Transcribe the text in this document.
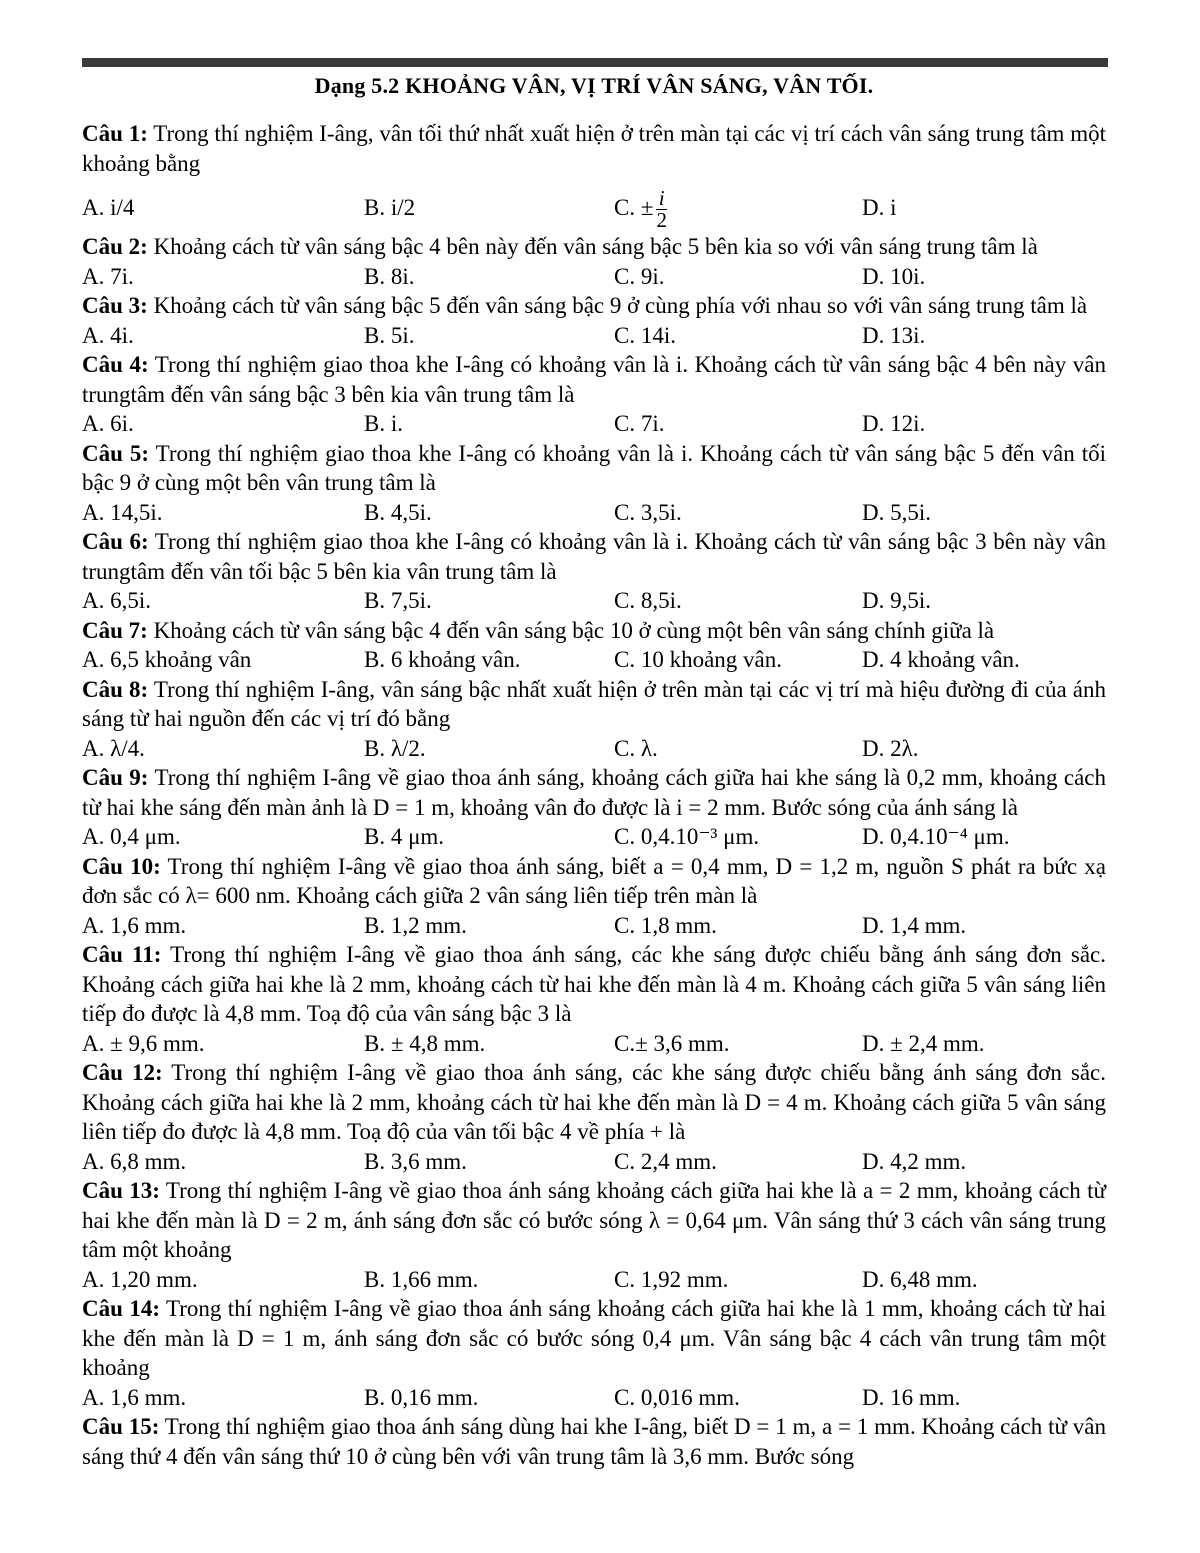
Dạng 5.2 KHOẢNG VÂN, VỊ TRÍ VÂN SÁNG, VÂN TỐI.

Câu 1: Trong thí nghiệm I-âng, vân tối thứ nhất xuất hiện ở trên màn tại các vị trí cách vân sáng trung tâm một khoảng bằng

A. i/4	B. i/2	C. ± $\frac{i}{2}$	D. i

Câu 2: Khoảng cách từ vân sáng bậc 4 bên này đến vân sáng bậc 5 bên kia so với vân sáng trung tâm là

A. 7i.	B. 8i.	C. 9i.	D. 10i.

Câu 3: Khoảng cách từ vân sáng bậc 5 đến vân sáng bậc 9 ở cùng phía với nhau so với vân sáng trung tâm là

A. 4i.	B. 5i.	C. 14i.	D. 13i.

Câu 4: Trong thí nghiệm giao thoa khe I-âng có khoảng vân là i. Khoảng cách từ vân sáng bậc 4 bên này vân trungtâm đến vân sáng bậc 3 bên kia vân trung tâm là

A. 6i.	B. i.	C. 7i.	D. 12i.

Câu 5: Trong thí nghiệm giao thoa khe I-âng có khoảng vân là i. Khoảng cách từ vân sáng bậc 5 đến vân tối bậc 9 ở cùng một bên vân trung tâm là

A. 14,5i.	B. 4,5i.	C. 3,5i.	D. 5,5i.

Câu 6: Trong thí nghiệm giao thoa khe I-âng có khoảng vân là i. Khoảng cách từ vân sáng bậc 3 bên này vân trungtâm đến vân tối bậc 5 bên kia vân trung tâm là

A. 6,5i.	B. 7,5i.	C. 8,5i.	D. 9,5i.

Câu 7: Khoảng cách từ vân sáng bậc 4 đến vân sáng bậc 10 ở cùng một bên vân sáng chính giữa là

A. 6,5 khoảng vân	B. 6 khoảng vân.	C. 10 khoảng vân.	D. 4 khoảng vân.

Câu 8: Trong thí nghiệm I-âng, vân sáng bậc nhất xuất hiện ở trên màn tại các vị trí mà hiệu đường đi của ánh sáng từ hai nguồn đến các vị trí đó bằng

A. λ/4.	B. λ/2.	C. λ.	D. 2λ.

Câu 9: Trong thí nghiệm I-âng về giao thoa ánh sáng, khoảng cách giữa hai khe sáng là 0,2 mm, khoảng cách từ hai khe sáng đến màn ảnh là D = 1 m, khoảng vân đo được là i = 2 mm. Bước sóng của ánh sáng là

A. 0,4 μm.	B. 4 μm.	C. 0,4.10⁻³ μm.	D. 0,4.10⁻⁴ μm.

Câu 10: Trong thí nghiệm I-âng về giao thoa ánh sáng, biết a = 0,4 mm, D = 1,2 m, nguồn S phát ra bức xạ đơn sắc có λ= 600 nm. Khoảng cách giữa 2 vân sáng liên tiếp trên màn là

A. 1,6 mm.	B. 1,2 mm.	C. 1,8 mm.	D. 1,4 mm.

Câu 11: Trong thí nghiệm I-âng về giao thoa ánh sáng, các khe sáng được chiếu bằng ánh sáng đơn sắc. Khoảng cách giữa hai khe là 2 mm, khoảng cách từ hai khe đến màn là 4 m. Khoảng cách giữa 5 vân sáng liên tiếp đo được là 4,8 mm. Toạ độ của vân sáng bậc 3 là

A. ± 9,6 mm.	B. ± 4,8 mm.	C.± 3,6 mm.	D. ± 2,4 mm.

Câu 12: Trong thí nghiệm I-âng về giao thoa ánh sáng, các khe sáng được chiếu bằng ánh sáng đơn sắc. Khoảng cách giữa hai khe là 2 mm, khoảng cách từ hai khe đến màn là D = 4 m. Khoảng cách giữa 5 vân sáng liên tiếp đo được là 4,8 mm. Toạ độ của vân tối bậc 4 về phía + là

A. 6,8 mm.	B. 3,6 mm.	C. 2,4 mm.	D. 4,2 mm.

Câu 13: Trong thí nghiệm I-âng về giao thoa ánh sáng khoảng cách giữa hai khe là a = 2 mm, khoảng cách từ hai khe đến màn là D = 2 m, ánh sáng đơn sắc có bước sóng λ = 0,64 μm. Vân sáng thứ 3 cách vân sáng trung tâm một khoảng

A. 1,20 mm.	B. 1,66 mm.	C. 1,92 mm.	D. 6,48 mm.

Câu 14: Trong thí nghiệm I-âng về giao thoa ánh sáng khoảng cách giữa hai khe là 1 mm, khoảng cách từ hai khe đến màn là D = 1 m, ánh sáng đơn sắc có bước sóng 0,4 μm. Vân sáng bậc 4 cách vân trung tâm một khoảng

A. 1,6 mm.	B. 0,16 mm.	C. 0,016 mm.	D. 16 mm.

Câu 15: Trong thí nghiệm giao thoa ánh sáng dùng hai khe I-âng, biết D = 1 m, a = 1 mm. Khoảng cách từ vân sáng thứ 4 đến vân sáng thứ 10 ở cùng bên với vân trung tâm là 3,6 mm. Bước sóng
